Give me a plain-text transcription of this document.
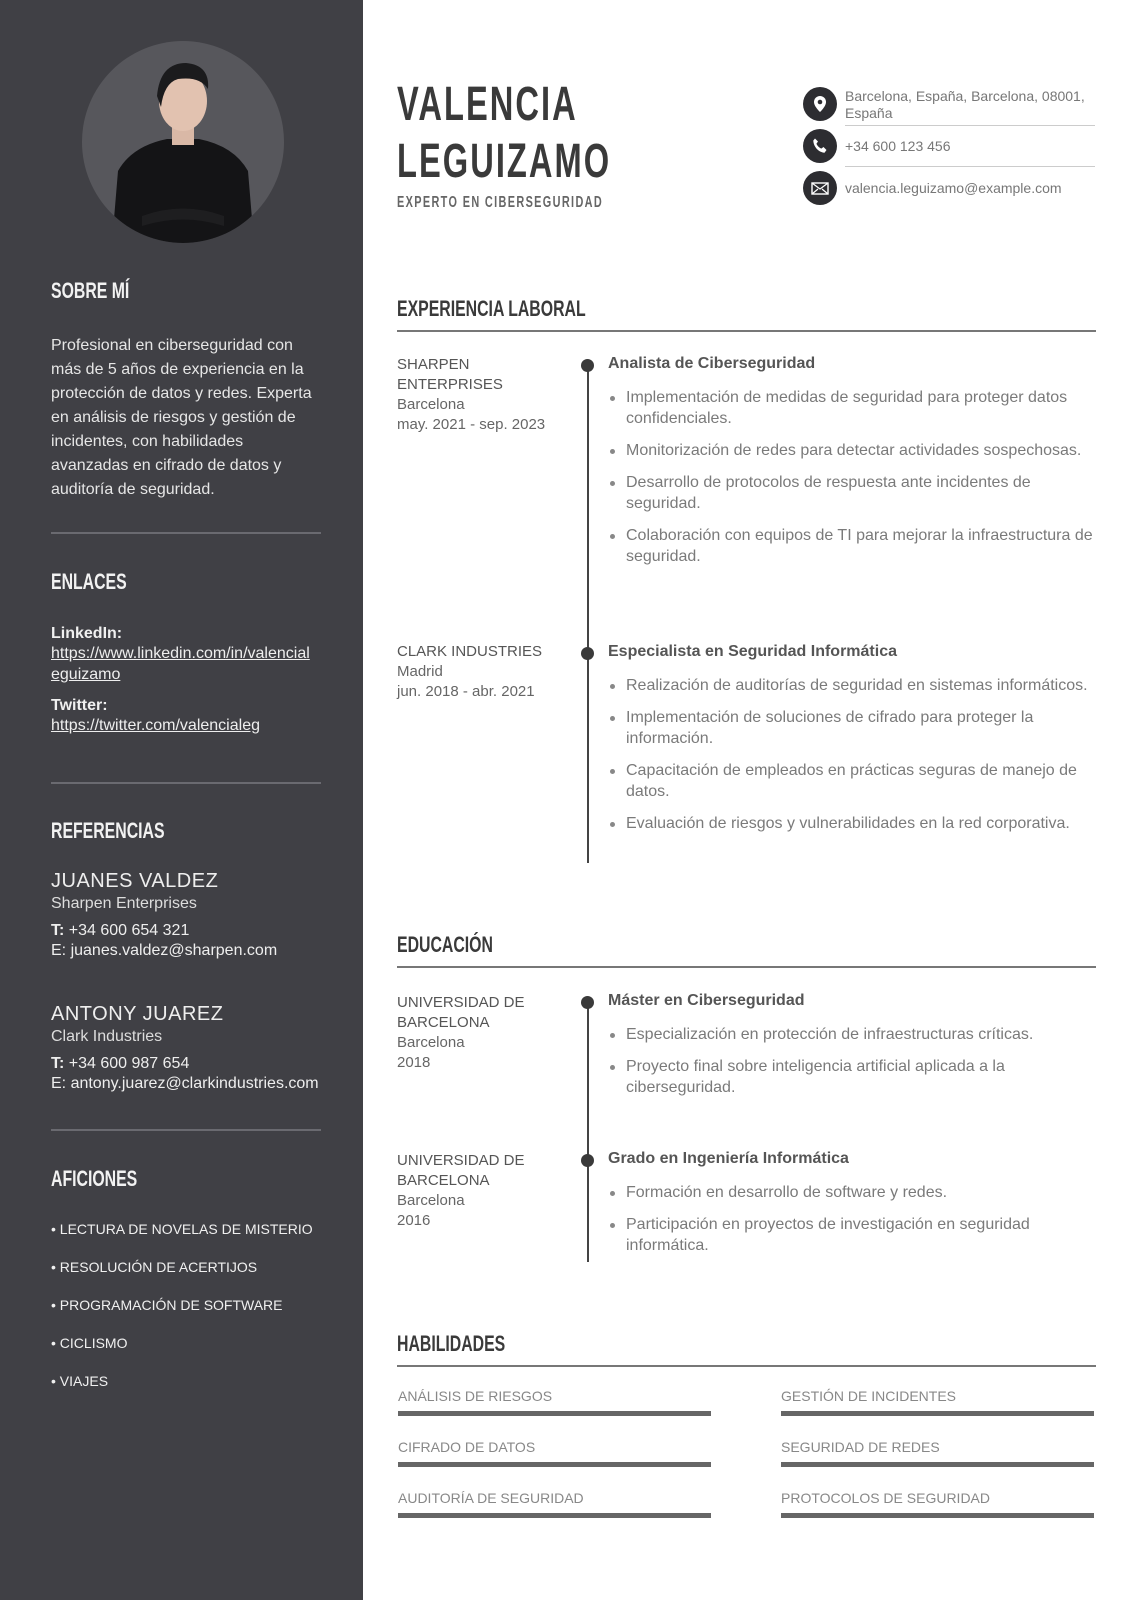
SOBRE MÍ

Profesional en ciberseguridad con más de 5 años de experiencia en la protección de datos y redes. Experta en análisis de riesgos y gestión de incidentes, con habilidades avanzadas en cifrado de datos y auditoría de seguridad.

ENLACES
LinkedIn:
https://www.linkedin.com/in/valencialeguizamo
Twitter:
https://twitter.com/valencialeg
REFERENCIAS
JUANES VALDEZ
Sharpen Enterprises
T: +34 600 654 321
E: juanes.valdez@sharpen.com
ANTONY JUAREZ
Clark Industries
T: +34 600 987 654
E: antony.juarez@clarkindustries.com
AFICIONES
• LECTURA DE NOVELAS DE MISTERIO
• RESOLUCIÓN DE ACERTIJOS
• PROGRAMACIÓN DE SOFTWARE
• CICLISMO
• VIAJES
VALENCIA
LEGUIZAMO
EXPERTO EN CIBERSEGURIDAD
Barcelona, España, Barcelona, 08001, España
+34 600 123 456
valencia.leguizamo@example.com
EXPERIENCIA LABORAL
SHARPEN ENTERPRISES
Barcelona
may. 2021 - sep. 2023
Analista de Ciberseguridad
Implementación de medidas de seguridad para proteger datos confidenciales.
Monitorización de redes para detectar actividades sospechosas.
Desarrollo de protocolos de respuesta ante incidentes de seguridad.
Colaboración con equipos de TI para mejorar la infraestructura de seguridad.
CLARK INDUSTRIES
Madrid
jun. 2018 - abr. 2021
Especialista en Seguridad Informática
Realización de auditorías de seguridad en sistemas informáticos.
Implementación de soluciones de cifrado para proteger la información.
Capacitación de empleados en prácticas seguras de manejo de datos.
Evaluación de riesgos y vulnerabilidades en la red corporativa.
EDUCACIÓN
UNIVERSIDAD DE BARCELONA
Barcelona
2018
Máster en Ciberseguridad
Especialización en protección de infraestructuras críticas.
Proyecto final sobre inteligencia artificial aplicada a la ciberseguridad.
UNIVERSIDAD DE BARCELONA
Barcelona
2016
Grado en Ingeniería Informática
Formación en desarrollo de software y redes.
Participación en proyectos de investigación en seguridad informática.
HABILIDADES
ANÁLISIS DE RIESGOS	GESTIÓN DE INCIDENTES
CIFRADO DE DATOS	SEGURIDAD DE REDES
AUDITORÍA DE SEGURIDAD	PROTOCOLOS DE SEGURIDAD
